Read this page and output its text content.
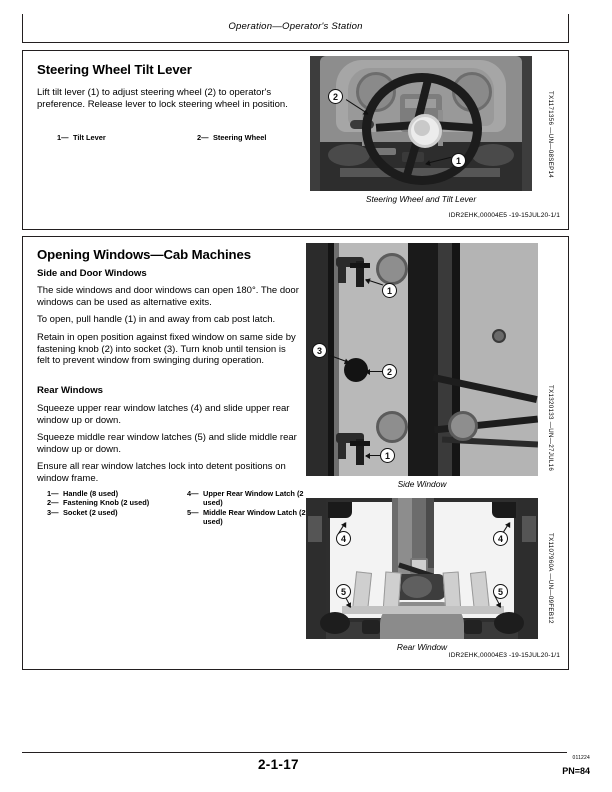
Operation—Operator's Station
Steering Wheel Tilt Lever
Lift tilt lever (1) to adjust steering wheel (2) to operator's preference. Release lever to lock steering wheel in position.
1— Tilt Lever	2— Steering Wheel
2
1
Steering Wheel and Tilt Lever
TX1171356 —UN—08SEP14
IDR2EHK,00004E5 -19-15JUL20-1/1
Opening Windows—Cab Machines
Side and Door Windows
The side windows and door windows can open 180°. The door windows can be used as alternative exits.
To open, pull handle (1) in and away from cab post latch.
Retain in open position against fixed window on same side by fastening knob (2) into socket (3). Turn knob until tension is felt to prevent window from swinging during operation.
Rear Windows
Squeeze upper rear window latches (4) and slide upper rear window up or down.
Squeeze middle rear window latches (5) and slide middle rear window up or down.
Ensure all rear window latches lock into detent positions on window frame.
1— Handle (8 used)
2— Fastening Knob (2 used)
3— Socket (2 used)
4— Upper Rear Window Latch (2 used)
5— Middle Rear Window Latch (2 used)
1
3
2
1
Side Window
TX1320133 —UN—27JUL16
4	4
5	5
Rear Window
TX1107960A —UN—09FEB12
IDR2EHK,00004E3 -19-15JUL20-1/1
2-1-17	011224
PN=84
